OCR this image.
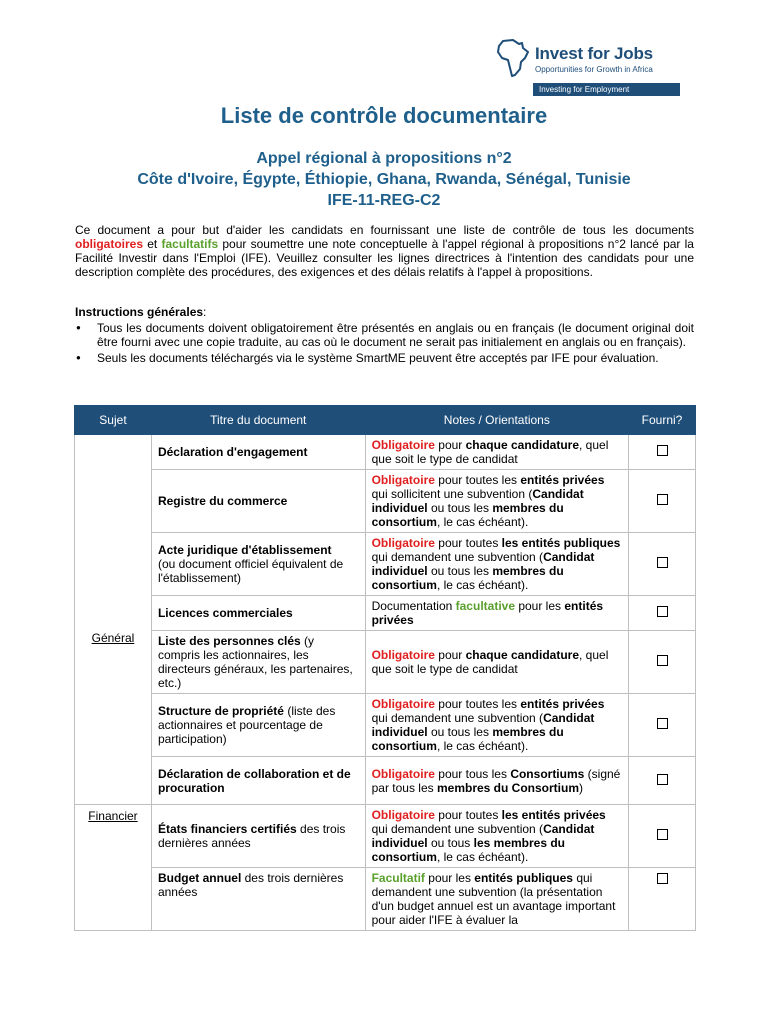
Invest for Jobs
Opportunities for Growth in Africa
Investing for Employment
Liste de contrôle documentaire

Appel régional à propositions n°2

Côte d'Ivoire, Égypte, Éthiopie, Ghana, Rwanda, Sénégal, Tunisie

IFE-11-REG-C2

Ce document a pour but d'aider les candidats en fournissant une liste de contrôle de tous les documents obligatoires et facultatifs pour soumettre une note conceptuelle à l'appel régional à propositions n°2 lancé par la Facilité Investir dans l'Emploi (IFE). Veuillez consulter les lignes directrices à l'intention des candidats pour une description complète des procédures, des exigences et des délais relatifs à l'appel à propositions.

Instructions générales:

● Tous les documents doivent obligatoirement être présentés en anglais ou en français (le document original doit être fourni avec une copie traduite, au cas où le document ne serait pas initialement en anglais ou en français).
● Seuls les documents téléchargés via le système SmartME peuvent être acceptés par IFE pour évaluation.
Sujet	Titre du document	Notes / Orientations	Fourni?
Général	Déclaration d'engagement	Obligatoire pour chaque candidature, quel que soit le type de candidat	
	Registre du commerce	Obligatoire pour toutes les entités privées qui sollicitent une subvention (Candidat individuel ou tous les membres du consortium, le cas échéant).	
	Acte juridique d'établissement
(ou document officiel équivalent de l'établissement)	Obligatoire pour toutes les entités publiques qui demandent une subvention (Candidat individuel ou tous les membres du consortium, le cas échéant).	
	Licences commerciales	Documentation facultative pour les entités privées	
	Liste des personnes clés (y compris les actionnaires, les directeurs généraux, les partenaires, etc.)	Obligatoire pour chaque candidature, quel que soit le type de candidat	
	Structure de propriété (liste des actionnaires et pourcentage de participation)	Obligatoire pour toutes les entités privées qui demandent une subvention (Candidat individuel ou tous les membres du consortium, le cas échéant).	
	Déclaration de collaboration et de procuration	Obligatoire pour tous les Consortiums (signé par tous les membres du Consortium)	
Financier	États financiers certifiés des trois dernières années	Obligatoire pour toutes les entités privées qui demandent une subvention (Candidat individuel ou tous les membres du consortium, le cas échéant).	
	Budget annuel des trois dernières années	Facultatif pour les entités publiques qui demandent une subvention (la présentation d'un budget annuel est un avantage important pour aider l'IFE à évaluer la	
